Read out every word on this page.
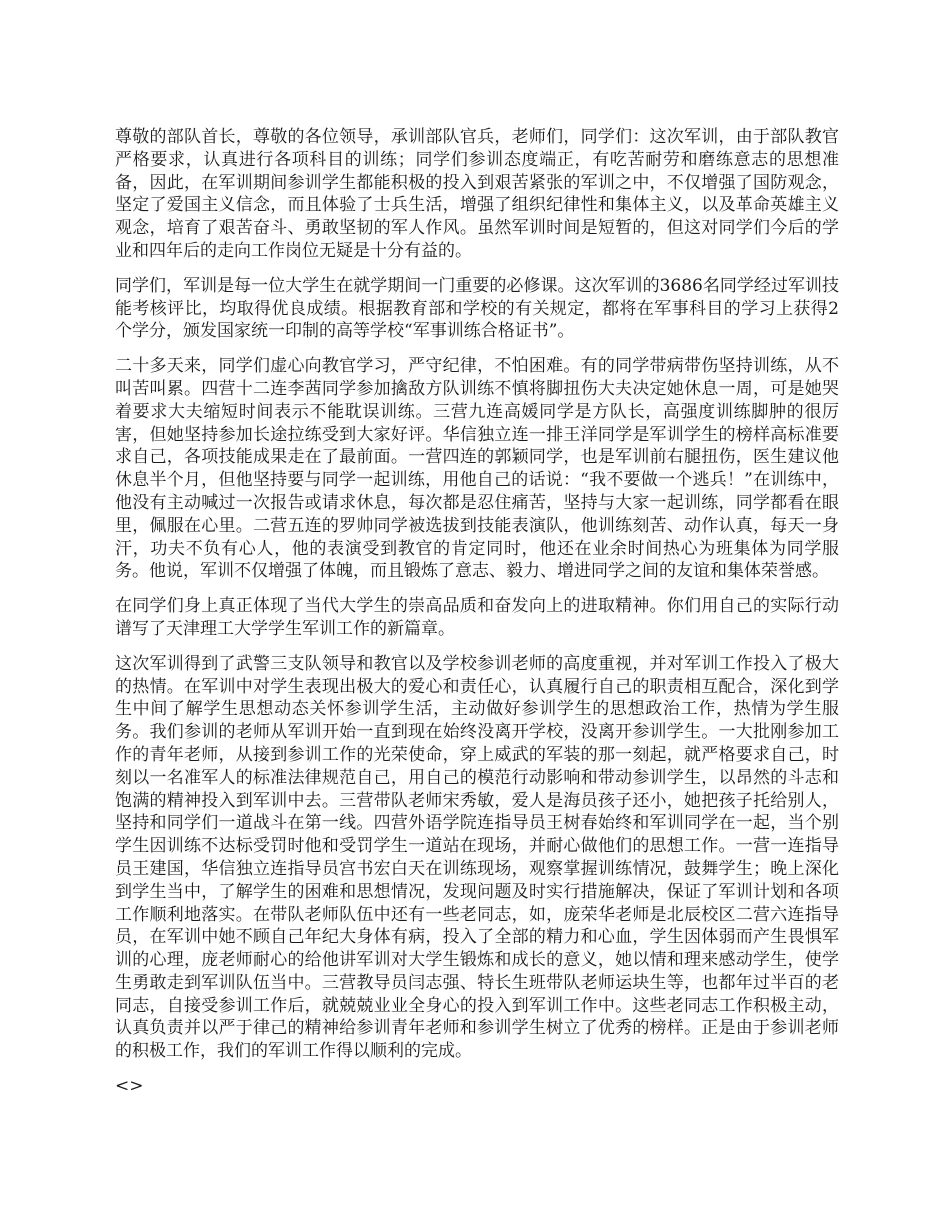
尊敬的部队首长，尊敬的各位领导，承训部队官兵，老师们，同学们：这次军训，由于部队教官严格要求，认真进行各项科目的训练；同学们参训态度端正，有吃苦耐劳和磨练意志的思想准备，因此，在军训期间参训学生都能积极的投入到艰苦紧张的军训之中，不仅增强了国防观念，坚定了爱国主义信念，而且体验了士兵生活，增强了组织纪律性和集体主义，以及革命英雄主义观念，培育了艰苦奋斗、勇敢坚韧的军人作风。虽然军训时间是短暂的，但这对同学们今后的学业和四年后的走向工作岗位无疑是十分有益的。

同学们，军训是每一位大学生在就学期间一门重要的必修课。这次军训的3686名同学经过军训技能考核评比，均取得优良成绩。根据教育部和学校的有关规定，都将在军事科目的学习上获得2个学分，颁发国家统一印制的高等学校“军事训练合格证书”。

二十多天来，同学们虚心向教官学习，严守纪律，不怕困难。有的同学带病带伤坚持训练，从不叫苦叫累。四营十二连李茜同学参加擒敌方队训练不慎将脚扭伤大夫决定她休息一周，可是她哭着要求大夫缩短时间表示不能耽误训练。三营九连高媛同学是方队长，高强度训练脚肿的很厉害，但她坚持参加长途拉练受到大家好评。华信独立连一排王洋同学是军训学生的榜样高标准要求自己，各项技能成果走在了最前面。一营四连的郭颖同学，也是军训前右腿扭伤，医生建议他休息半个月，但他坚持要与同学一起训练，用他自己的话说：“我不要做一个逃兵！”在训练中，他没有主动喊过一次报告或请求休息，每次都是忍住痛苦，坚持与大家一起训练，同学都看在眼里，佩服在心里。二营五连的罗帅同学被选拔到技能表演队，他训练刻苦、动作认真，每天一身汗，功夫不负有心人，他的表演受到教官的肯定同时，他还在业余时间热心为班集体为同学服务。他说，军训不仅增强了体魄，而且锻炼了意志、毅力、增进同学之间的友谊和集体荣誉感。

在同学们身上真正体现了当代大学生的崇高品质和奋发向上的进取精神。你们用自己的实际行动谱写了天津理工大学学生军训工作的新篇章。

这次军训得到了武警三支队领导和教官以及学校参训老师的高度重视，并对军训工作投入了极大的热情。在军训中对学生表现出极大的爱心和责任心，认真履行自己的职责相互配合，深化到学生中间了解学生思想动态关怀参训学生活，主动做好参训学生的思想政治工作，热情为学生服务。我们参训的老师从军训开始一直到现在始终没离开学校，没离开参训学生。一大批刚参加工作的青年老师，从接到参训工作的光荣使命，穿上威武的军装的那一刻起，就严格要求自己，时刻以一名准军人的标准法律规范自己，用自己的模范行动影响和带动参训学生，以昂然的斗志和饱满的精神投入到军训中去。三营带队老师宋秀敏，爱人是海员孩子还小，她把孩子托给别人，坚持和同学们一道战斗在第一线。四营外语学院连指导员王树春始终和军训同学在一起，当个别学生因训练不达标受罚时他和受罚学生一道站在现场，并耐心做他们的思想工作。一营一连指导员王建国，华信独立连指导员宫书宏白天在训练现场，观察掌握训练情况，鼓舞学生；晚上深化到学生当中，了解学生的困难和思想情况，发现问题及时实行措施解决，保证了军训计划和各项工作顺利地落实。在带队老师队伍中还有一些老同志，如，庞荣华老师是北辰校区二营六连指导员，在军训中她不顾自己年纪大身体有病，投入了全部的精力和心血，学生因体弱而产生畏惧军训的心理，庞老师耐心的给他讲军训对大学生锻炼和成长的意义，她以情和理来感动学生，使学生勇敢走到军训队伍当中。三营教导员闫志强、特长生班带队老师运块生等，也都年过半百的老同志，自接受参训工作后，就兢兢业业全身心的投入到军训工作中。这些老同志工作积极主动，认真负责并以严于律己的精神给参训青年老师和参训学生树立了优秀的榜样。正是由于参训老师的积极工作，我们的军训工作得以顺利的完成。

<>
